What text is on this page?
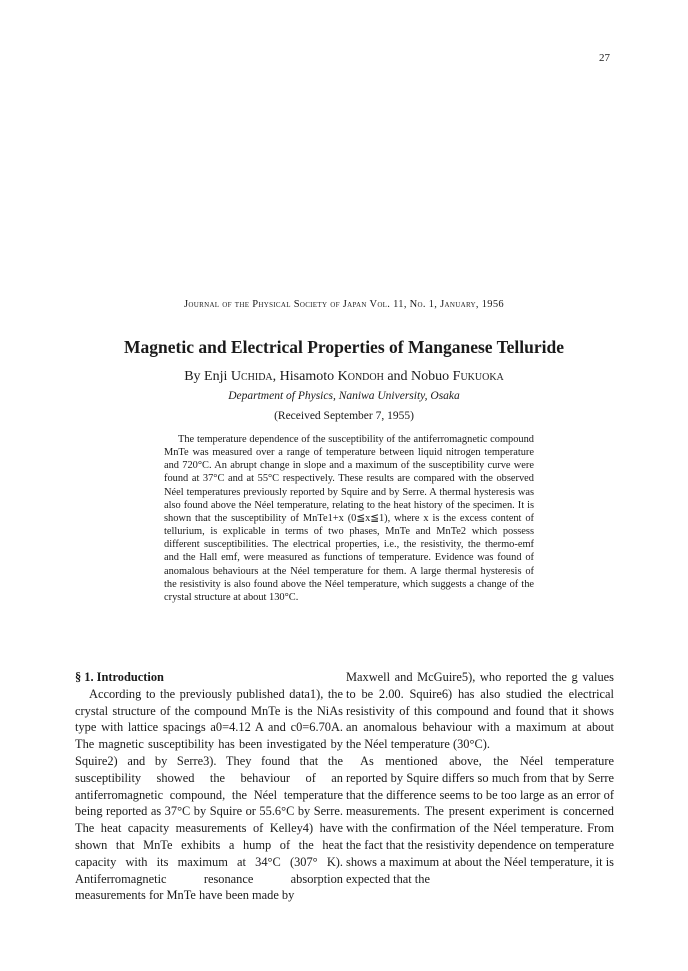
27
Journal of the Physical Society of Japan Vol. 11, No. 1, January, 1956
Magnetic and Electrical Properties of Manganese Telluride
By Enji Uchida, Hisamoto Kondoh and Nobuo Fukuoka
Department of Physics, Naniwa University, Osaka
(Received September 7, 1955)

The temperature dependence of the susceptibility of the antiferromagnetic compound MnTe was measured over a range of temperature between liquid nitrogen temperature and 720°C. An abrupt change in slope and a maximum of the susceptibility curve were found at 37°C and at 55°C respectively. These results are compared with the observed Néel temperatures previously reported by Squire and by Serre. A thermal hysteresis was also found above the Néel temperature, relating to the heat history of the specimen. It is shown that the susceptibility of MnTe1+x (0≦x≦1), where x is the excess content of tellurium, is explicable in terms of two phases, MnTe and MnTe2 which possess different susceptibilities. The electrical properties, i.e., the resistivity, the thermo-emf and the Hall emf, were measured as functions of temperature. Evidence was found of anomalous behaviours at the Néel temperature for them. A large thermal hysteresis of the resistivity is also found above the Néel temperature, which suggests a change of the crystal structure at about 130°C.

§ 1. Introduction

According to the previously published data1), the crystal structure of the compound MnTe is the NiAs type with lattice spacings a0=4.12 A and c0=6.70A. The magnetic susceptibility has been investigated by Squire2) and by Serre3). They found that the susceptibility showed the behaviour of an antiferromagnetic compound, the Néel temperature being reported as 37°C by Squire or 55.6°C by Serre. The heat capacity measurements of Kelley4) have shown that MnTe exhibits a hump of the heat capacity with its maximum at 34°C (307° K). Antiferromagnetic resonance absorption measurements for MnTe have been made by

Maxwell and McGuire5), who reported the g values to be 2.00. Squire6) has also studied the electrical resistivity of this compound and found that it shows an anomalous behaviour with a maximum at about the Néel temperature (30°C).

As mentioned above, the Néel temperature reported by Squire differs so much from that by Serre that the difference seems to be too large as an error of measurements. The present experiment is concerned with the confirmation of the Néel temperature. From the fact that the resistivity dependence on temperature shows a maximum at about the Néel temperature, it is expected that the
